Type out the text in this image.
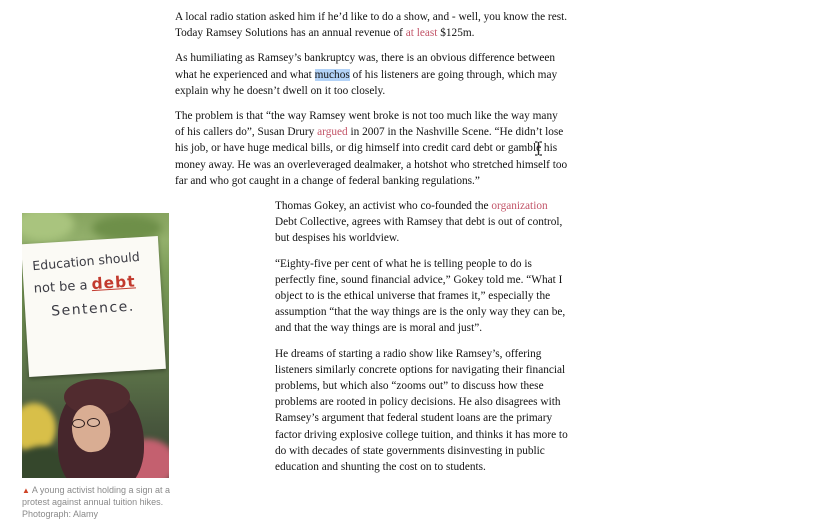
A local radio station asked him if he’d like to do a show, and - well, you know the rest. Today Ramsey Solutions has an annual revenue of at least $125m.

As humiliating as Ramsey’s bankruptcy was, there is an obvious difference between what he experienced and what muchos of his listeners are going through, which may explain why he doesn’t dwell on it too closely.

The problem is that “the way Ramsey went broke is not too much like the way many of his callers do”, Susan Drury argued in 2007 in the Nashville Scene. “He didn’t lose his job, or have huge medical bills, or dig himself into credit card debt or gamble his money away. He was an overleveraged dealmaker, a hotshot who stretched himself too far and who got caught in a change of federal banking regulations.”

Thomas Gokey, an activist who co-founded the organization Debt Collective, agrees with Ramsey that debt is out of control, but despises his worldview.

“Eighty-five per cent of what he is telling people to do is perfectly fine, sound financial advice,” Gokey told me. “What I object to is the ethical universe that frames it,” especially the assumption “that the way things are is the only way they can be, and that the way things are is moral and just”.

He dreams of starting a radio show like Ramsey’s, offering listeners similarly concrete options for navigating their financial problems, but which also “zooms out” to discuss how these problems are rooted in policy decisions. He also disagrees with Ramsey’s argument that federal student loans are the primary factor driving explosive college tuition, and thinks it has more to do with decades of state governments disinvesting in public education and shunting the cost on to students.

Education should
not be a debt
Sentence.
▲ A young activist holding a sign at a protest against annual tuition hikes.
Photograph: Alamy
